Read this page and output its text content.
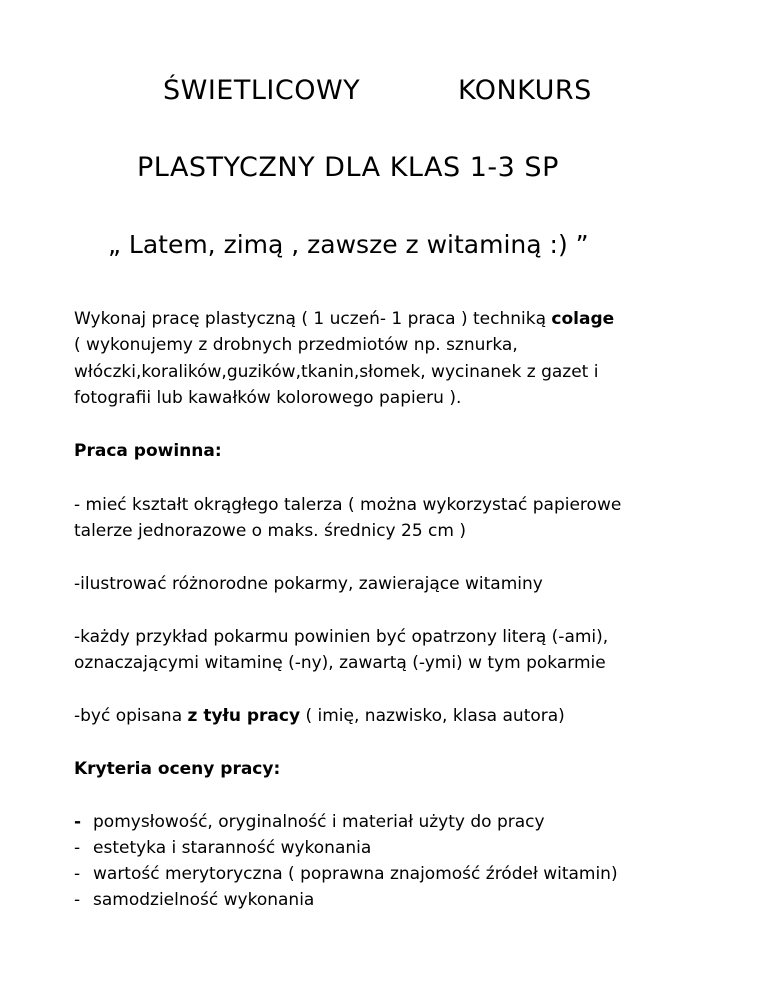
ŚWIETLICOWY	KONKURS
PLASTYCZNY DLA KLAS 1-3 SP
„ Latem, zimą , zawsze z witaminą :) ”
Wykonaj pracę plastyczną ( 1 uczeń- 1 praca ) techniką colage
( wykonujemy z drobnych przedmiotów np. sznurka,
włóczki,koralików,guzików,tkanin,słomek, wycinanek z gazet i
fotografii lub kawałków kolorowego papieru ).
Praca powinna:
- mieć kształt okrągłego talerza ( można wykorzystać papierowe
talerze jednorazowe o maks. średnicy 25 cm )
-ilustrować różnorodne pokarmy, zawierające witaminy
-każdy przykład pokarmu powinien być opatrzony literą (-ami),
oznaczającymi witaminę (-ny), zawartą (-ymi) w tym pokarmie
-być opisana z tyłu pracy ( imię, nazwisko, klasa autora)
Kryteria oceny pracy:
- pomysłowość, oryginalność i materiał użyty do pracy
- estetyka i staranność wykonania
- wartość merytoryczna ( poprawna znajomość źródeł witamin)
- samodzielność wykonania
